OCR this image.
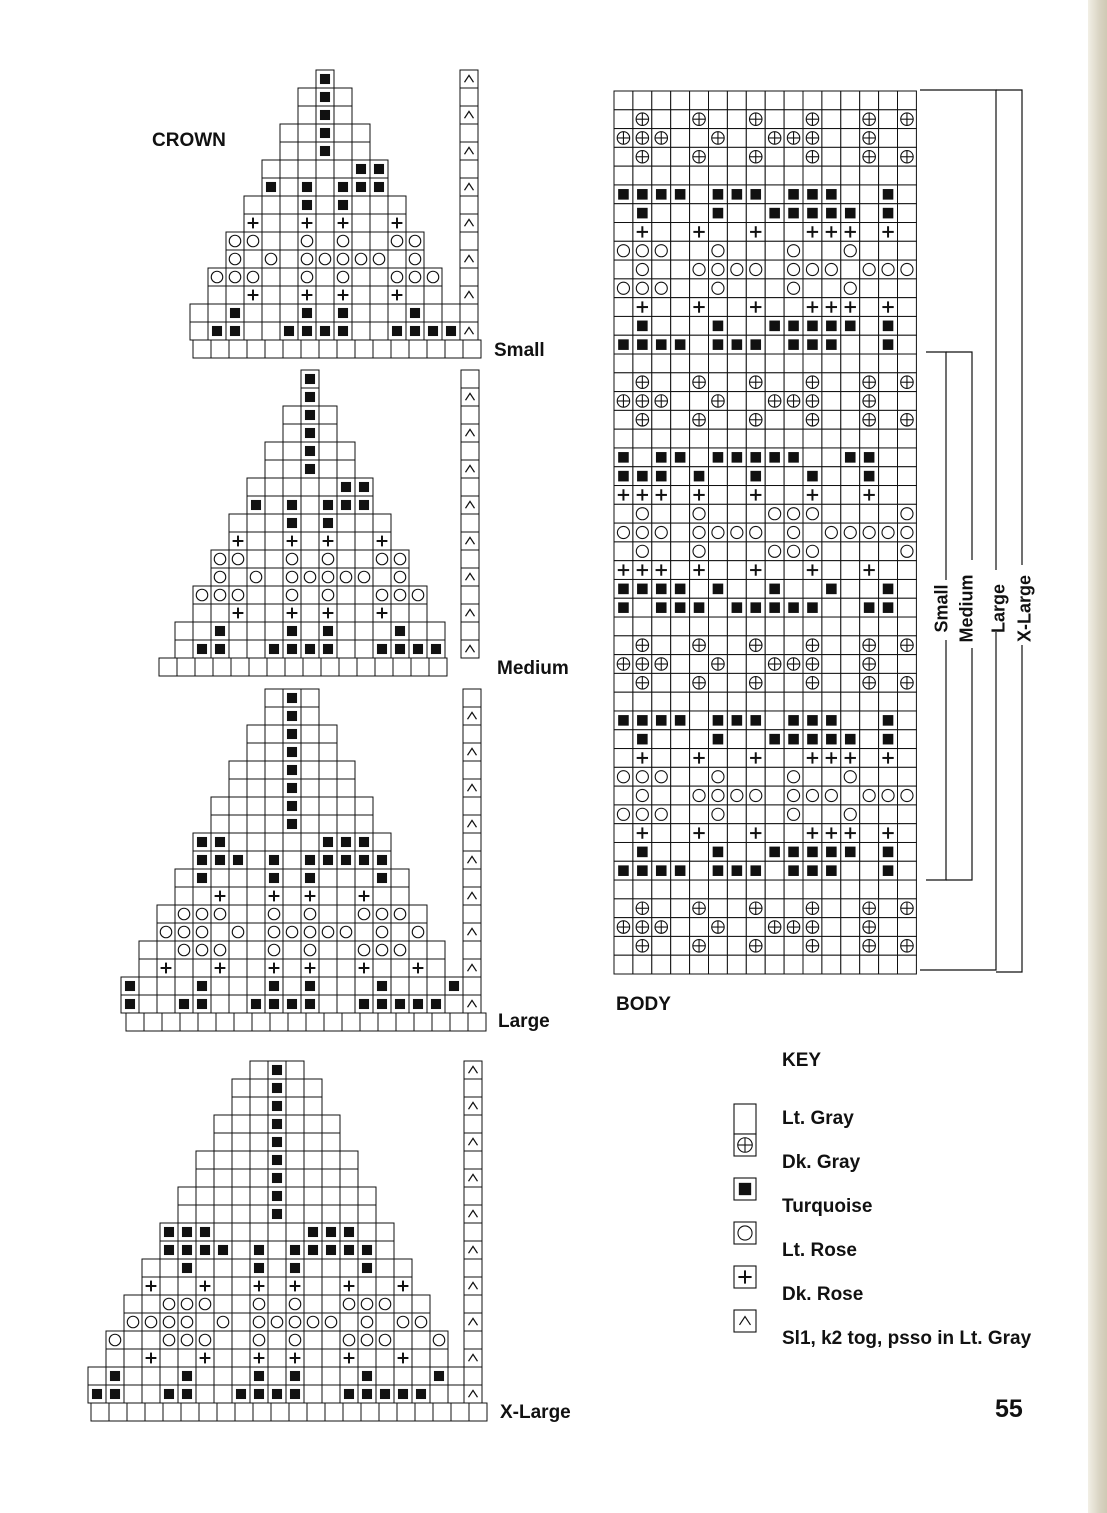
CROWN
Small
Medium
Large
X-Large
BODY
Small Medium Large X-Large
KEY
Lt. Gray
Dk. Gray
Turquoise
Lt. Rose
Dk. Rose
Sl1, k2 tog, psso in Lt. Gray
55
